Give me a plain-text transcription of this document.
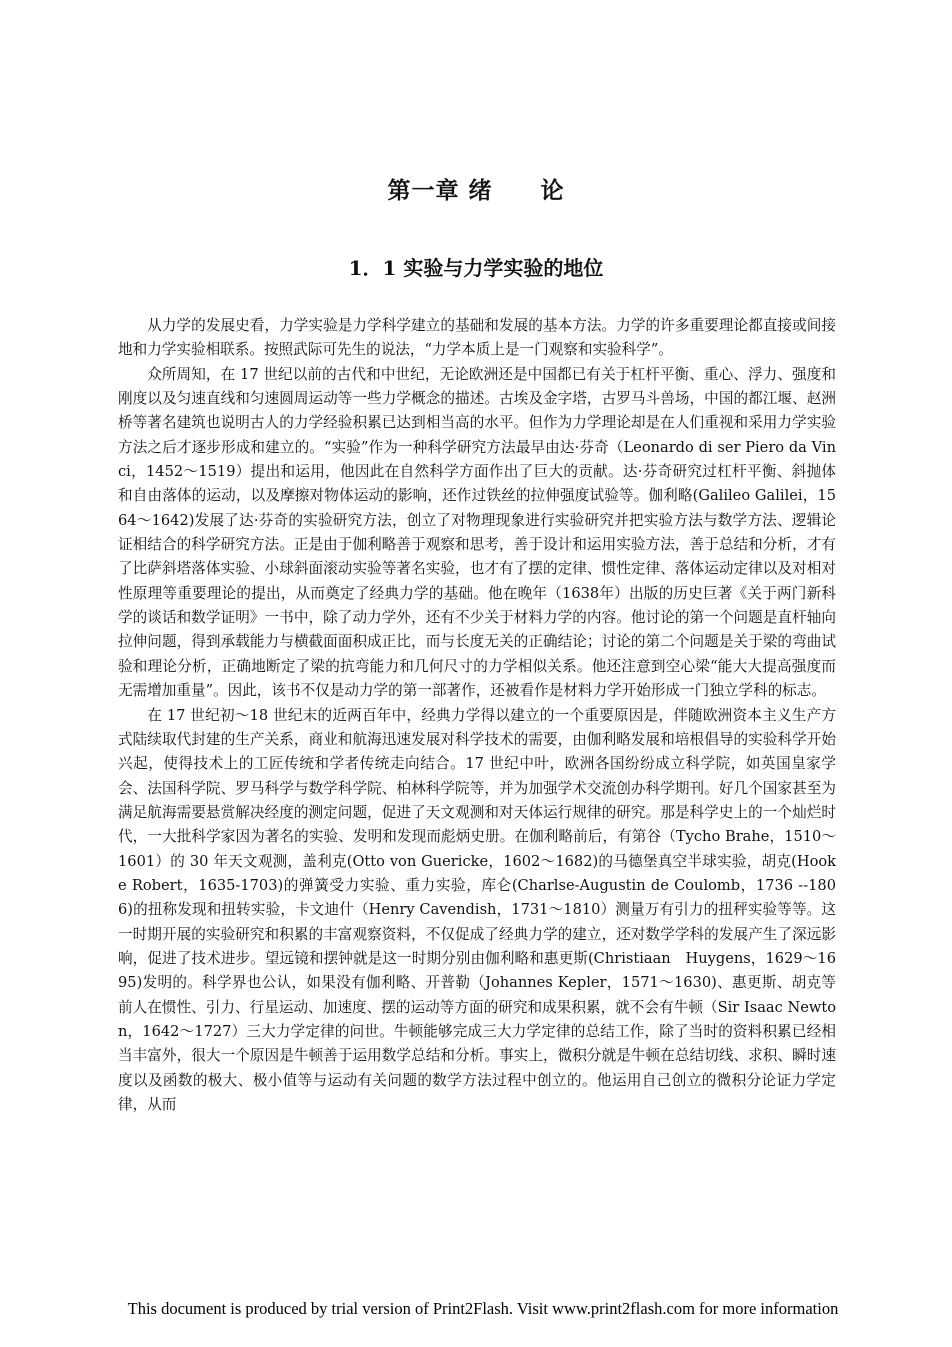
第一章 绪　　论
1．1 实验与力学实验的地位

从力学的发展史看，力学实验是力学科学建立的基础和发展的基本方法。力学的许多重要理论都直接或间接地和力学实验相联系。按照武际可先生的说法，“力学本质上是一门观察和实验科学”。

众所周知，在 17 世纪以前的古代和中世纪，无论欧洲还是中国都已有关于杠杆平衡、重心、浮力、强度和刚度以及匀速直线和匀速圆周运动等一些力学概念的描述。古埃及金字塔，古罗马斗兽场，中国的都江堰、赵洲桥等著名建筑也说明古人的力学经验积累已达到相当高的水平。但作为力学理论却是在人们重视和采用力学实验方法之后才逐步形成和建立的。“实验”作为一种科学研究方法最早由达·芬奇（Leonardo di ser Piero da Vinci，1452～1519）提出和运用，他因此在自然科学方面作出了巨大的贡献。达·芬奇研究过杠杆平衡、斜抛体和自由落体的运动，以及摩擦对物体运动的影响，还作过铁丝的拉伸强度试验等。伽利略(Galileo Galilei，1564～1642)发展了达·芬奇的实验研究方法，创立了对物理现象进行实验研究并把实验方法与数学方法、逻辑论证相结合的科学研究方法。正是由于伽利略善于观察和思考，善于设计和运用实验方法，善于总结和分析，才有了比萨斜塔落体实验、小球斜面滚动实验等著名实验，也才有了摆的定律、惯性定律、落体运动定律以及对相对性原理等重要理论的提出，从而奠定了经典力学的基础。他在晚年（1638年）出版的历史巨著《关于两门新科学的谈话和数学证明》一书中，除了动力学外，还有不少关于材料力学的内容。他讨论的第一个问题是直杆轴向拉伸问题，得到承载能力与横截面面积成正比，而与长度无关的正确结论；讨论的第二个问题是关于梁的弯曲试验和理论分析，正确地断定了梁的抗弯能力和几何尺寸的力学相似关系。他还注意到空心梁“能大大提高强度而无需增加重量”。因此，该书不仅是动力学的第一部著作，还被看作是材料力学开始形成一门独立学科的标志。

在 17 世纪初～18 世纪末的近两百年中，经典力学得以建立的一个重要原因是，伴随欧洲资本主义生产方式陆续取代封建的生产关系，商业和航海迅速发展对科学技术的需要，由伽利略发展和培根倡导的实验科学开始兴起，使得技术上的工匠传统和学者传统走向结合。17 世纪中叶，欧洲各国纷纷成立科学院，如英国皇家学会、法国科学院、罗马科学与数学科学院、柏林科学院等，并为加强学术交流创办科学期刊。好几个国家甚至为满足航海需要悬赏解决经度的测定问题，促进了天文观测和对天体运行规律的研究。那是科学史上的一个灿烂时代，一大批科学家因为著名的实验、发明和发现而彪炳史册。在伽利略前后，有第谷（Tycho Brahe，1510～1601）的 30 年天文观测，盖利克(Otto von Guericke，1602～1682)的马德堡真空半球实验，胡克(Hooke Robert，1635-1703)的弹簧受力实验、重力实验，库仑(Charlse-Augustin de Coulomb，1736 --1806)的扭称发现和扭转实验，卡文迪什（Henry Cavendish，1731～1810）测量万有引力的扭秤实验等等。这一时期开展的实验研究和积累的丰富观察资料，不仅促成了经典力学的建立，还对数学学科的发展产生了深远影响，促进了技术进步。望远镜和摆钟就是这一时期分别由伽利略和惠更斯(Christiaan　Huygens，1629～1695)发明的。科学界也公认，如果没有伽利略、开普勒（Johannes Kepler，1571～1630)、惠更斯、胡克等前人在惯性、引力、行星运动、加速度、摆的运动等方面的研究和成果积累，就不会有牛顿（Sir Isaac Newton，1642～1727）三大力学定律的问世。牛顿能够完成三大力学定律的总结工作，除了当时的资料积累已经相当丰富外，很大一个原因是牛顿善于运用数学总结和分析。事实上，微积分就是牛顿在总结切线、求积、瞬时速度以及函数的极大、极小值等与运动有关问题的数学方法过程中创立的。他运用自己创立的微积分论证力学定律，从而

This document is produced by trial version of Print2Flash. Visit www.print2flash.com for more information
